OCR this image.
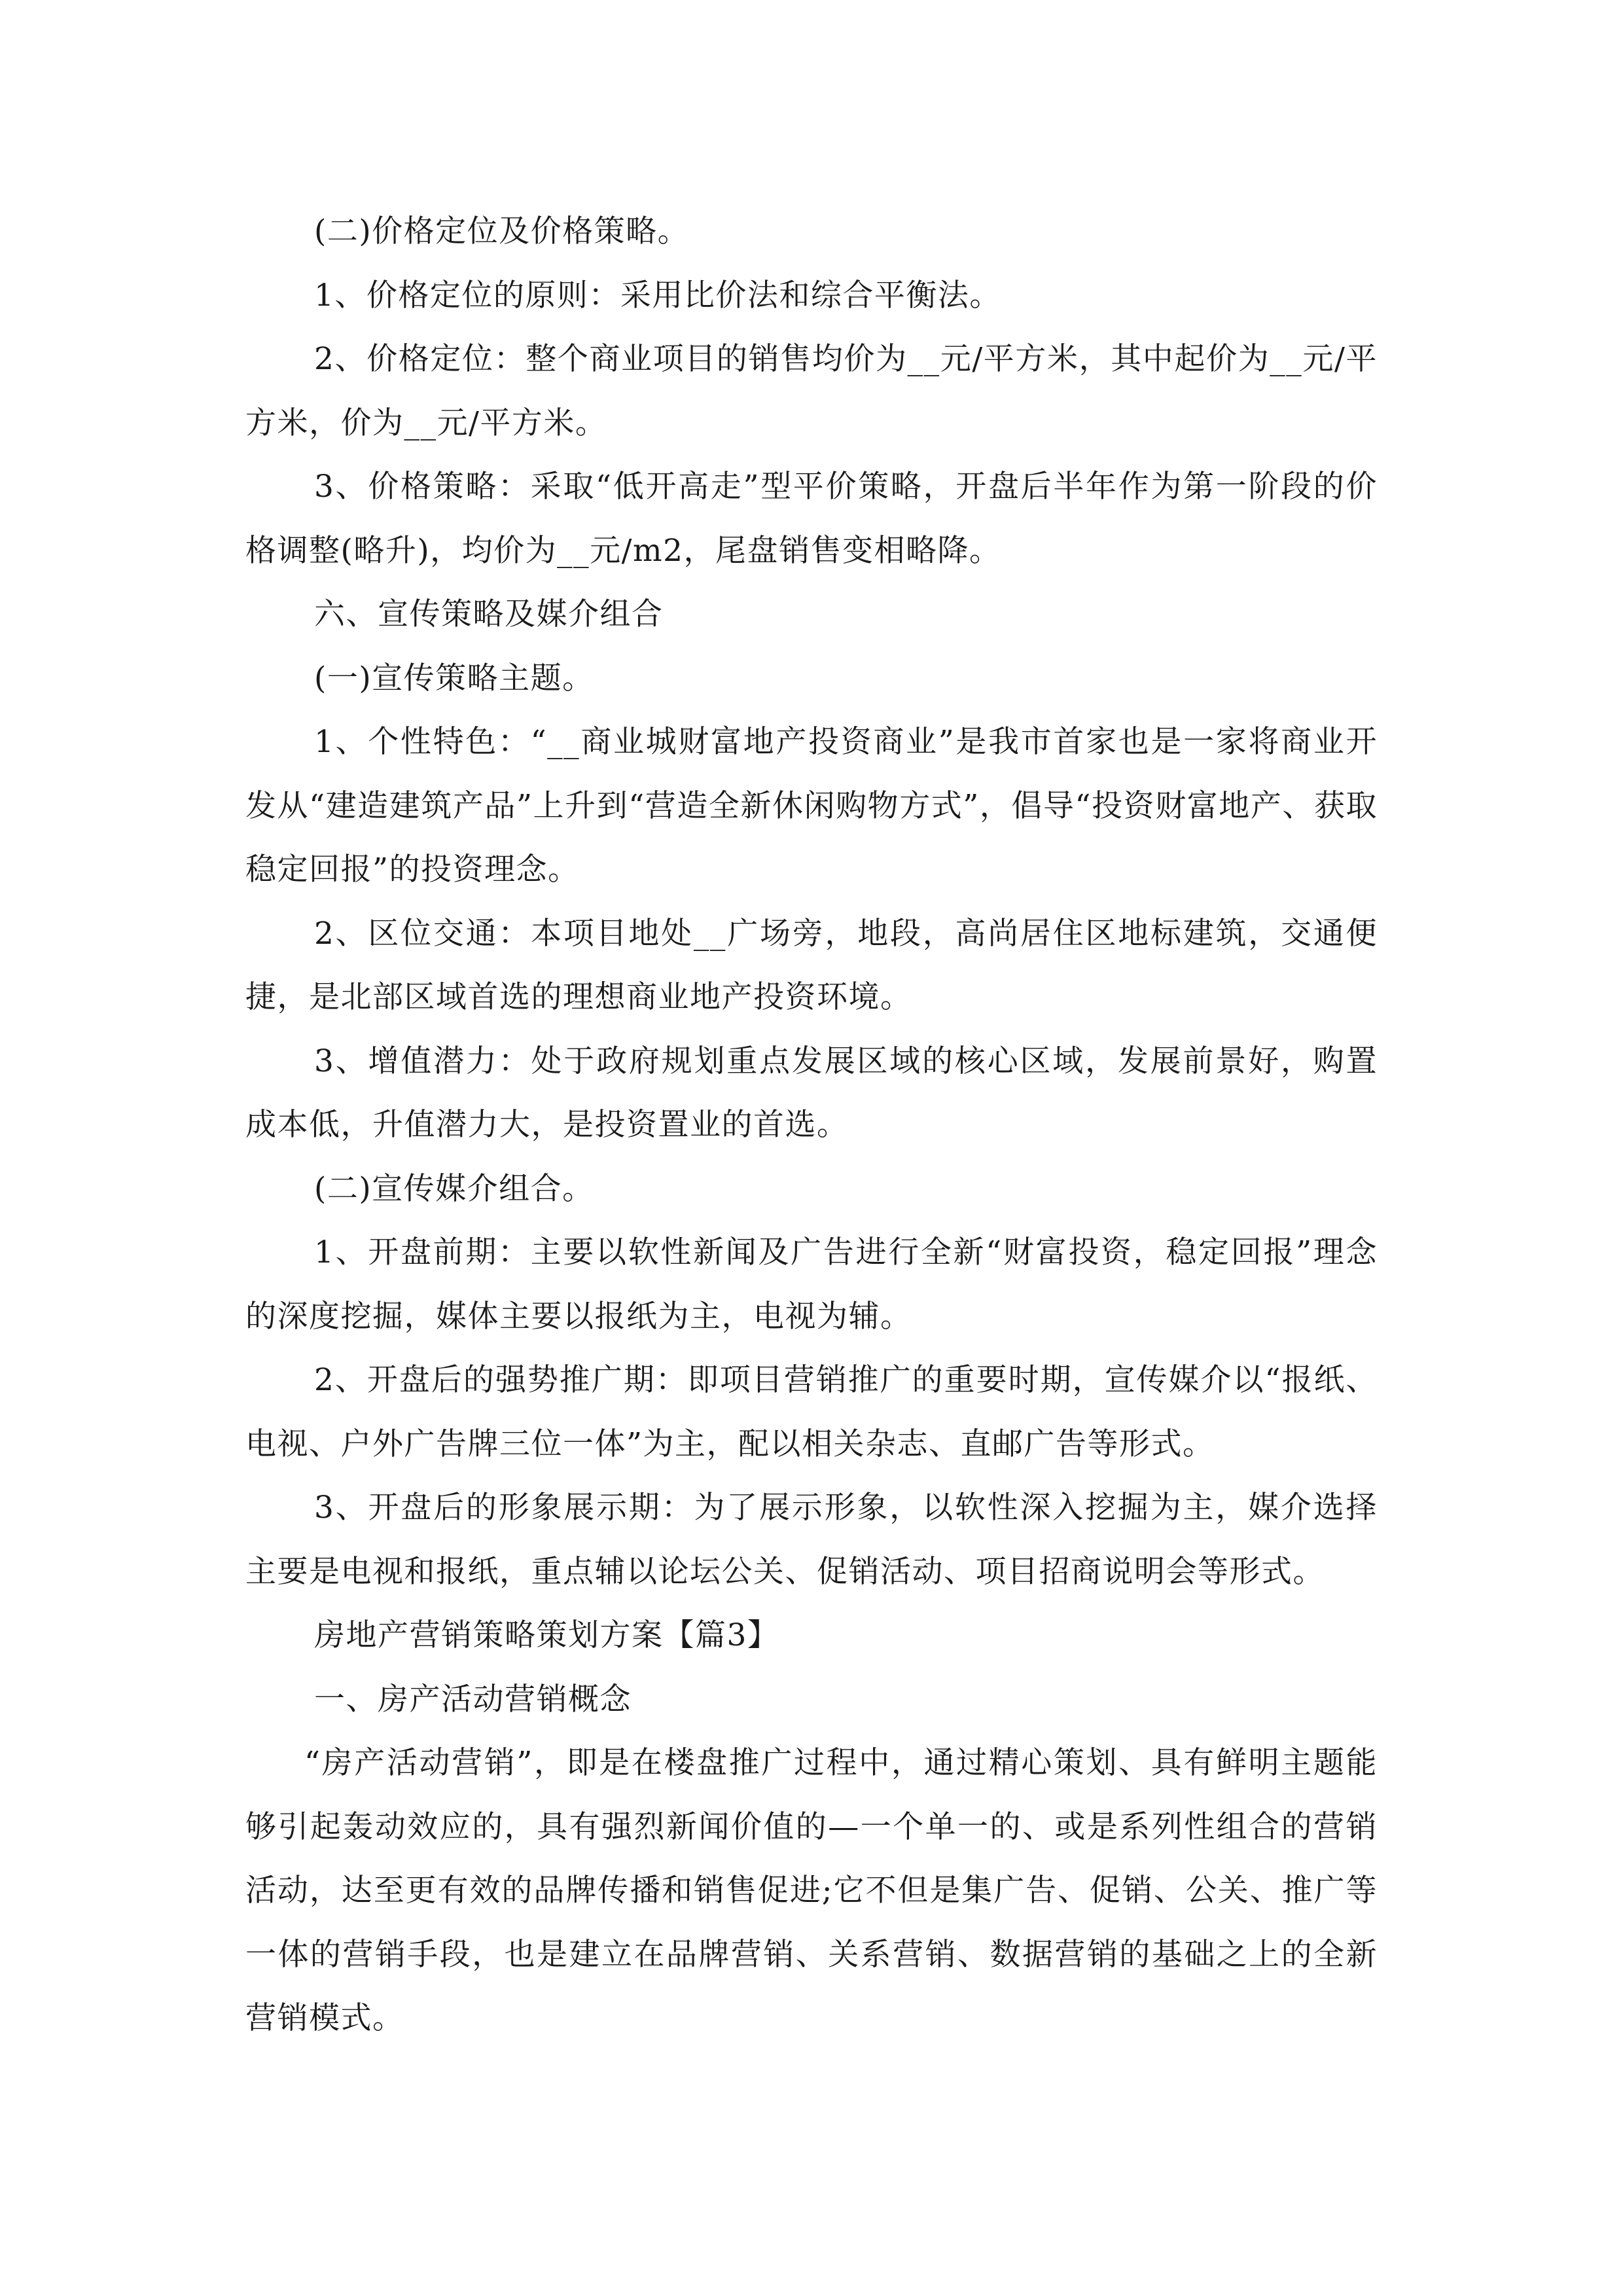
(二)价格定位及价格策略。

1、价格定位的原则：采用比价法和综合平衡法。

2、价格定位：整个商业项目的销售均价为__元/平方米，其中起价为__元/平方米，价为__元/平方米。

3、价格策略：采取“低开高走”型平价策略，开盘后半年作为第一阶段的价格调整(略升)，均价为__元/m2，尾盘销售变相略降。

六、宣传策略及媒介组合

(一)宣传策略主题。

1、个性特色：“__商业城财富地产投资商业”是我市首家也是一家将商业开发从“建造建筑产品”上升到“营造全新休闲购物方式”，倡导“投资财富地产、获取稳定回报”的投资理念。

2、区位交通：本项目地处__广场旁，地段，高尚居住区地标建筑，交通便捷，是北部区域首选的理想商业地产投资环境。

3、增值潜力：处于政府规划重点发展区域的核心区域，发展前景好，购置成本低，升值潜力大，是投资置业的首选。

(二)宣传媒介组合。

1、开盘前期：主要以软性新闻及广告进行全新“财富投资，稳定回报”理念的深度挖掘，媒体主要以报纸为主，电视为辅。

2、开盘后的强势推广期：即项目营销推广的重要时期，宣传媒介以“报纸、电视、户外广告牌三位一体”为主，配以相关杂志、直邮广告等形式。

3、开盘后的形象展示期：为了展示形象，以软性深入挖掘为主，媒介选择主要是电视和报纸，重点辅以论坛公关、促销活动、项目招商说明会等形式。

房地产营销策略策划方案【篇3】

一、房产活动营销概念

“房产活动营销”，即是在楼盘推广过程中，通过精心策划、具有鲜明主题能够引起轰动效应的，具有强烈新闻价值的—一个单一的、或是系列性组合的营销活动，达至更有效的品牌传播和销售促进;它不但是集广告、促销、公关、推广等一体的营销手段，也是建立在品牌营销、关系营销、数据营销的基础之上的全新营销模式。
